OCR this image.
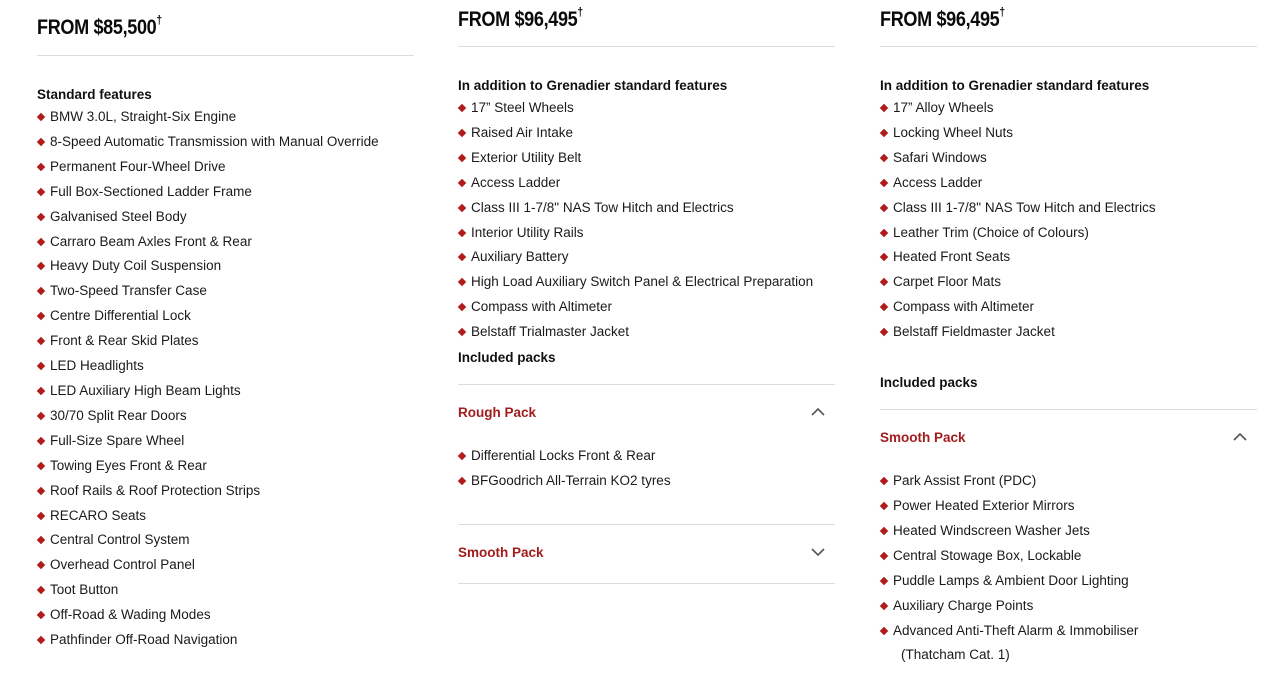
FROM $85,500†
Standard features
BMW 3.0L, Straight-Six Engine
8-Speed Automatic Transmission with Manual Override
Permanent Four-Wheel Drive
Full Box-Sectioned Ladder Frame
Galvanised Steel Body
Carraro Beam Axles Front & Rear
Heavy Duty Coil Suspension
Two-Speed Transfer Case
Centre Differential Lock
Front & Rear Skid Plates
LED Headlights
LED Auxiliary High Beam Lights
30/70 Split Rear Doors
Full-Size Spare Wheel
Towing Eyes Front & Rear
Roof Rails & Roof Protection Strips
RECARO Seats
Central Control System
Overhead Control Panel
Toot Button
Off-Road & Wading Modes
Pathfinder Off-Road Navigation
FROM $96,495†
In addition to Grenadier standard features
17” Steel Wheels
Raised Air Intake
Exterior Utility Belt
Access Ladder
Class III 1-7/8" NAS Tow Hitch and Electrics
Interior Utility Rails
Auxiliary Battery
High Load Auxiliary Switch Panel & Electrical Preparation
Compass with Altimeter
Belstaff Trialmaster Jacket
Included packs
Rough Pack
Differential Locks Front & Rear
BFGoodrich All-Terrain KO2 tyres
Smooth Pack
FROM $96,495†
In addition to Grenadier standard features
17” Alloy Wheels
Locking Wheel Nuts
Safari Windows
Access Ladder
Class III 1-7/8" NAS Tow Hitch and Electrics
Leather Trim (Choice of Colours)
Heated Front Seats
Carpet Floor Mats
Compass with Altimeter
Belstaff Fieldmaster Jacket
Included packs
Smooth Pack
Park Assist Front (PDC)
Power Heated Exterior Mirrors
Heated Windscreen Washer Jets
Central Stowage Box, Lockable
Puddle Lamps & Ambient Door Lighting
Auxiliary Charge Points
Advanced Anti-Theft Alarm & Immobiliser
(Thatcham Cat. 1)
